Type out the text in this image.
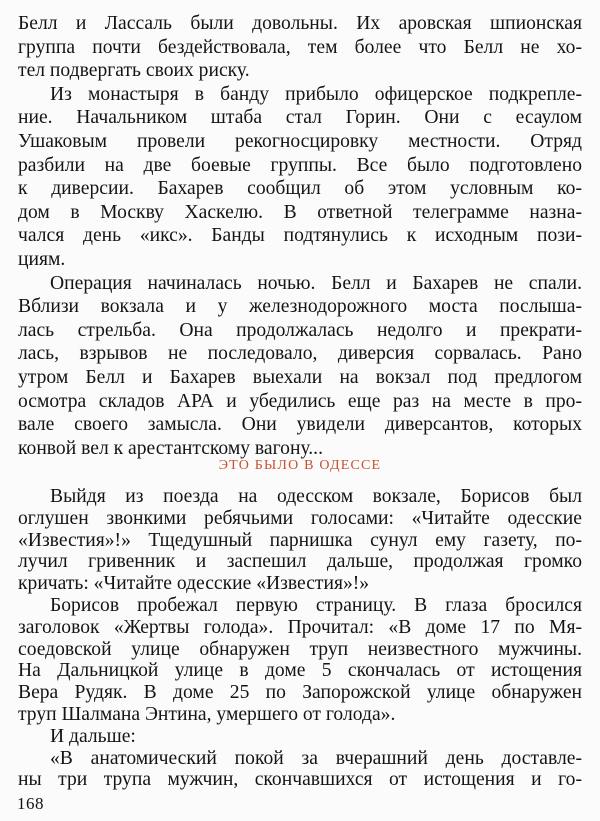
Белл и Лассаль были довольны. Их аровская шпионская
группа почти бездействовала, тем более что Белл не хо-
тел подвергать своих риску.
Из монастыря в банду прибыло офицерское подкрепле-
ние. Начальником штаба стал Горин. Они с есаулом
Ушаковым провели рекогносцировку местности. Отряд
разбили на две боевые группы. Все было подготовлено
к диверсии. Бахарев сообщил об этом условным ко-
дом в Москву Хаскелю. В ответной телеграмме назна-
чался день «икс». Банды подтянулись к исходным пози-
циям.
Операция начиналась ночью. Белл и Бахарев не спали.
Вблизи вокзала и у железнодорожного моста послыша-
лась стрельба. Она продолжалась недолго и прекрати-
лась, взрывов не последовало, диверсия сорвалась. Рано
утром Белл и Бахарев выехали на вокзал под предлогом
осмотра складов АРА и убедились еще раз на месте в про-
вале своего замысла. Они увидели диверсантов, которых
ЭТО БЫЛО В ОДЕССЕ
Выйдя из поезда на одесском вокзале, Борисов был
оглушен звонкими ребячьими голосами: «Читайте одесские
«Известия»!» Тщедушный парнишка сунул ему газету, по-
лучил гривенник и заспешил дальше, продолжая громко
кричать: «Читайте одесские «Известия»!»
Борисов пробежал первую страницу. В глаза бросился
заголовок «Жертвы голода». Прочитал: «В доме 17 по Мя-
соедовской улице обнаружен труп неизвестного мужчины.
На Дальницкой улице в доме 5 скончалась от истощения
Вера Рудяк. В доме 25 по Запорожской улице обнаружен
труп Шалмана Энтина, умершего от голода».
И дальше:
168
конвой вел к арестантскому вагону...
«В анатомический покой за вчерашний день доставле-
ны три трупа мужчин, скончавшихся от истощения и го-
